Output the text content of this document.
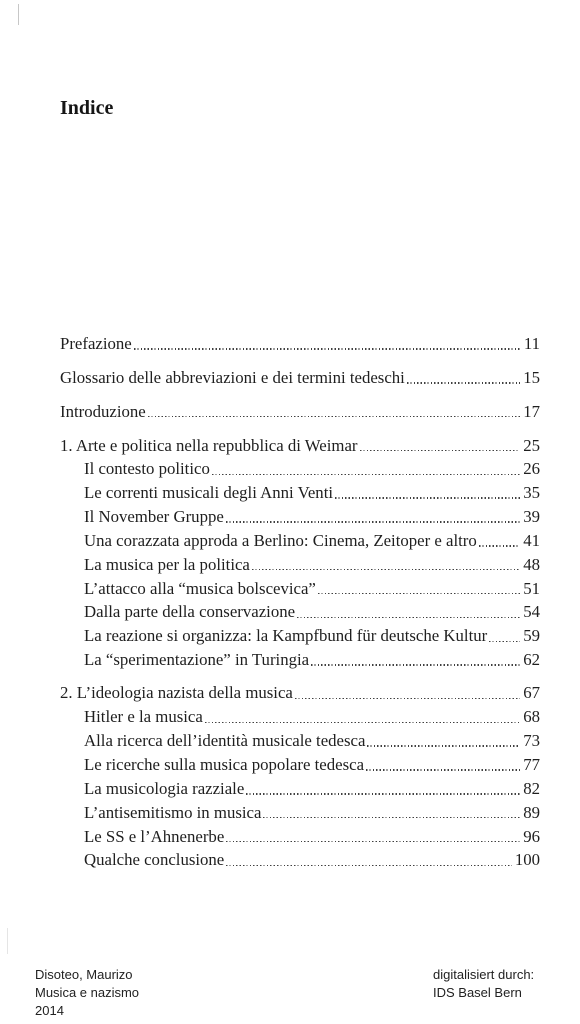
Indice
Prefazione	11
Glossario delle abbreviazioni e dei termini tedeschi	15
Introduzione	17
1. Arte e politica nella repubblica di Weimar	25
Il contesto politico	26
Le correnti musicali degli Anni Venti	35
Il November Gruppe	39
Una corazzata approda a Berlino: Cinema, Zeitoper e altro	41
La musica per la politica	48
L’attacco alla “musica bolscevica”	51
Dalla parte della conservazione	54
La reazione si organizza: la Kampfbund für deutsche Kultur 59
La “sperimentazione” in Turingia	62
2. L’ideologia nazista della musica	67
Hitler e la musica	68
Alla ricerca dell’identità musicale tedesca	73
Le ricerche sulla musica popolare tedesca	77
La musicologia razziale	82
L’antisemitismo in musica	89
Le SS e l’Ahnenerbe	96
Qualche conclusione	100
Disoteo, Maurizo
Musica e nazismo
2014
digitalisiert durch:
IDS Basel Bern
